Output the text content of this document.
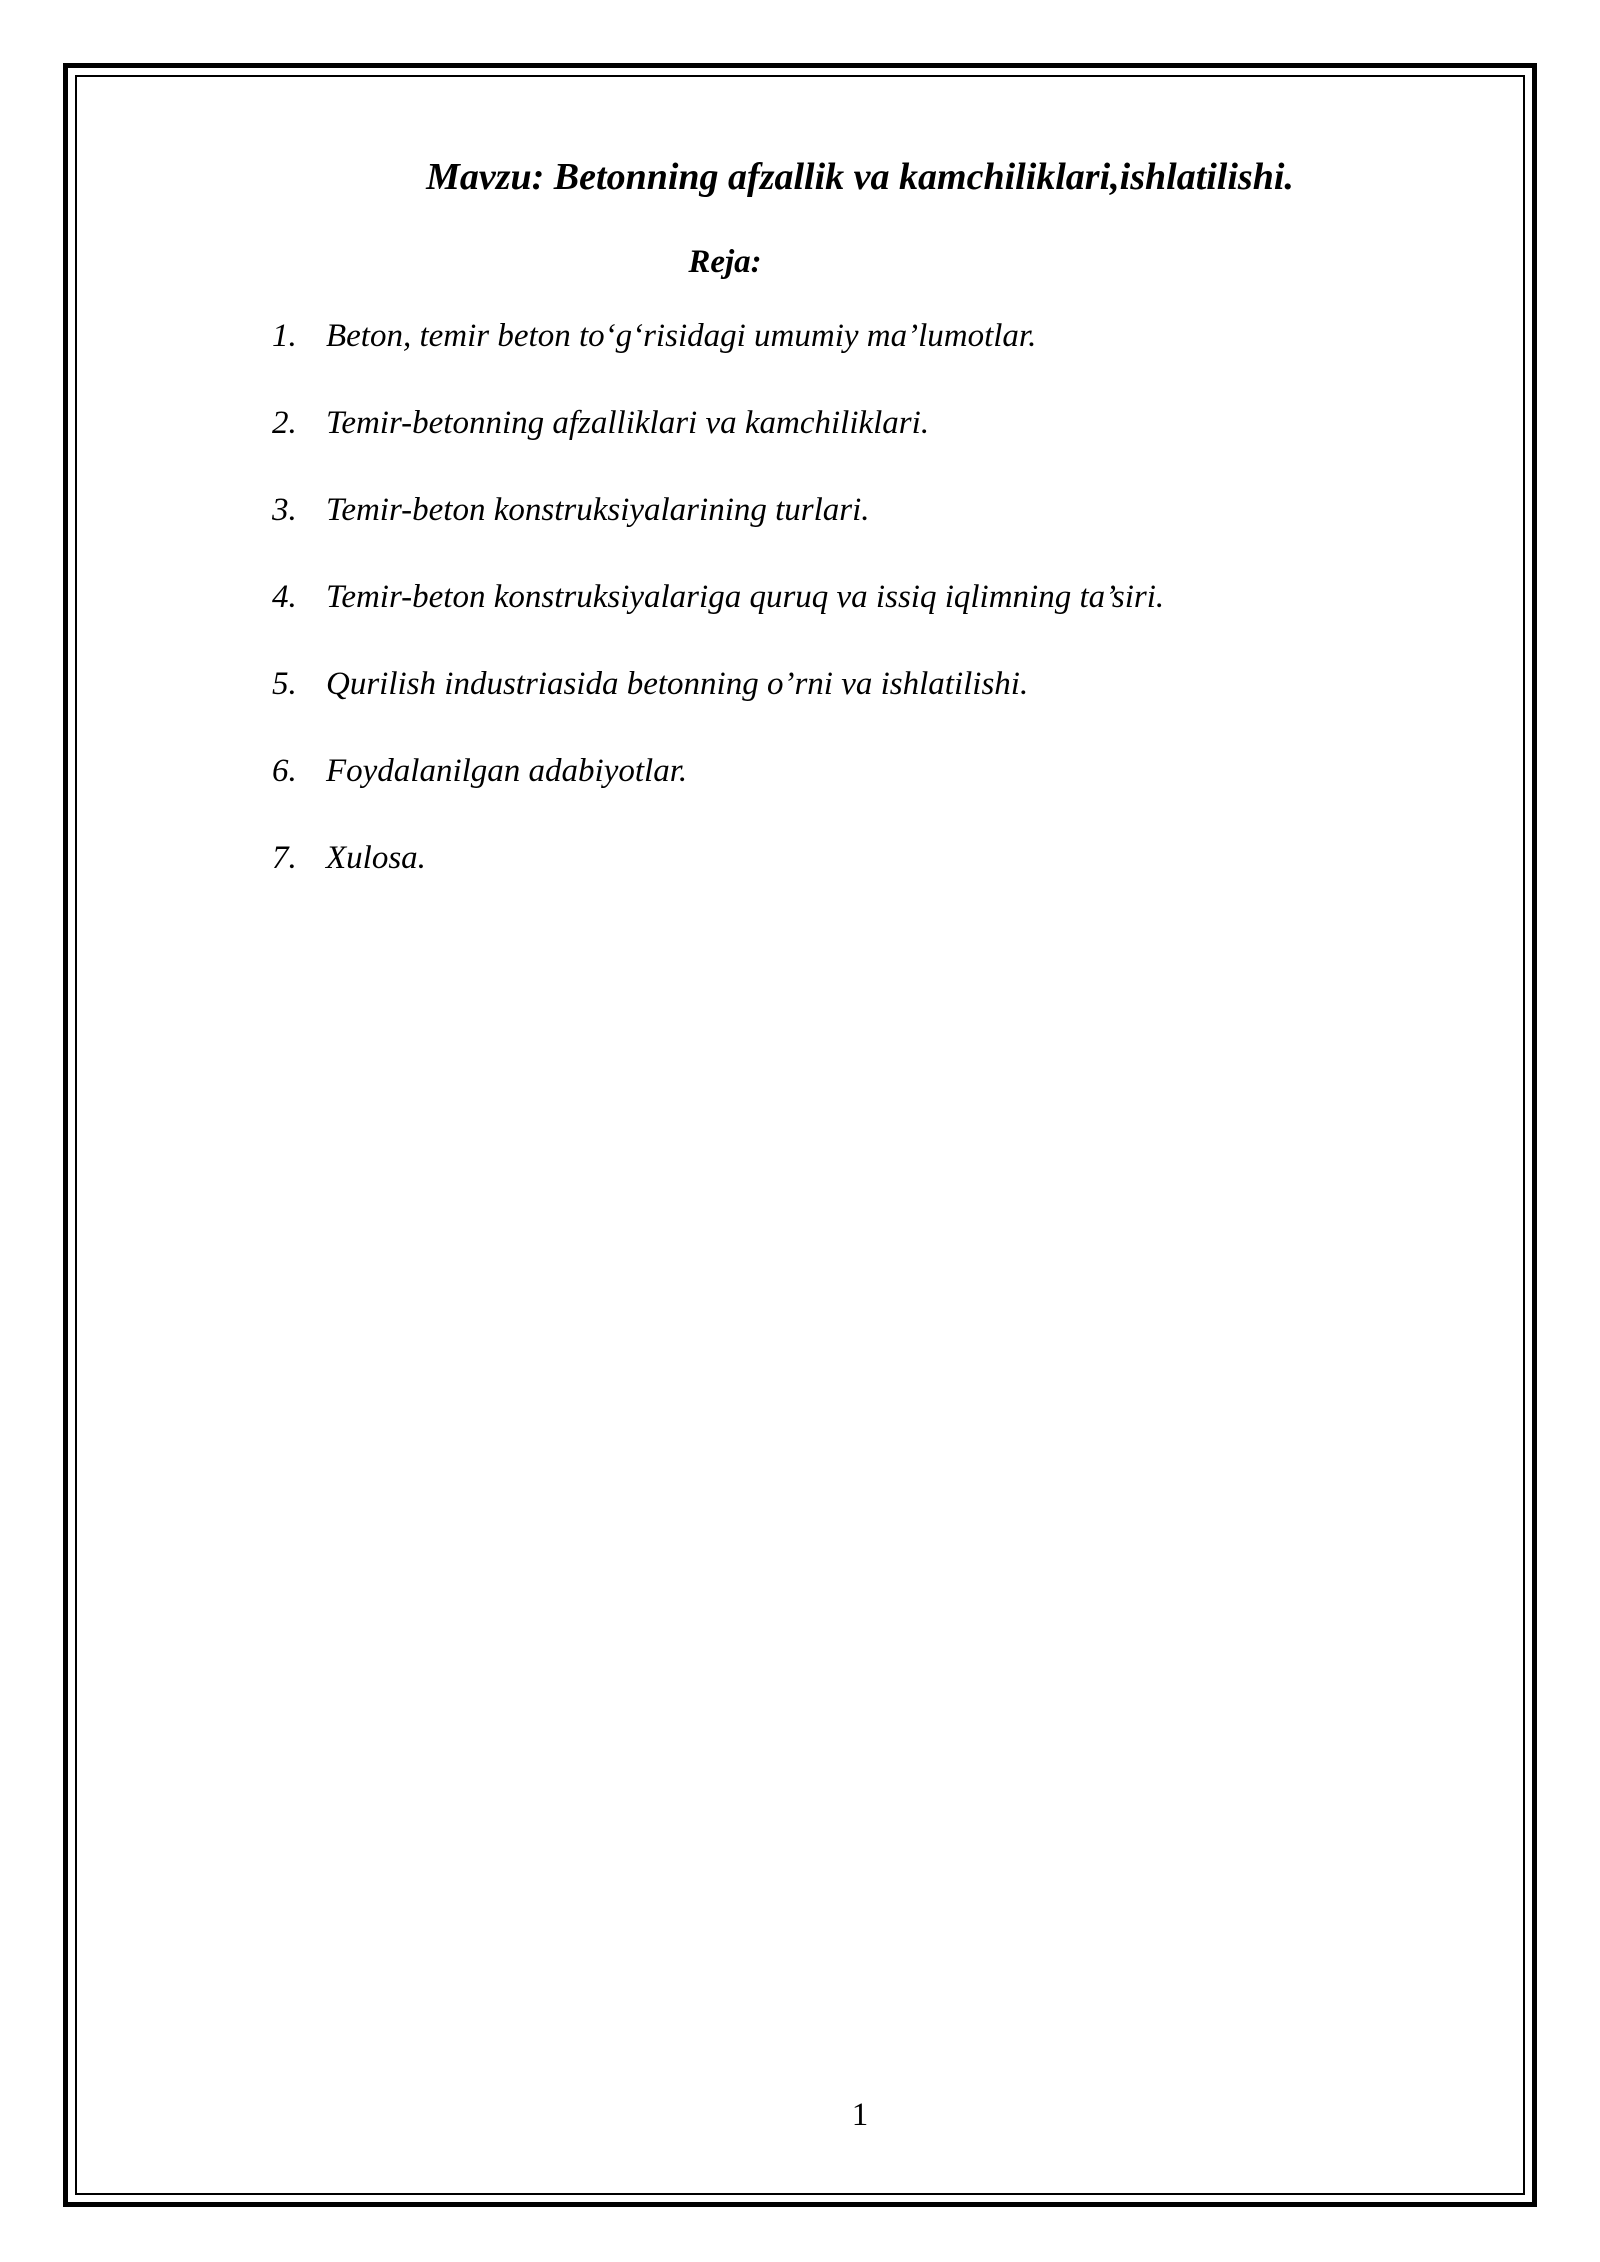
Mavzu: Betonning afzallik va kamchiliklari,ishlatilishi.
Reja:
1. Beton, temir beton to‘g‘risidagi umumiy ma’lumotlar.
2. Temir-betonning afzalliklari va kamchiliklari.
3. Temir-beton konstruksiyalarining turlari.
4. Temir-beton konstruksiyalariga quruq va issiq iqlimning ta’siri.
5. Qurilish industriasida betonning o’rni va ishlatilishi.
6. Foydalanilgan adabiyotlar.
7. Xulosa.
1
